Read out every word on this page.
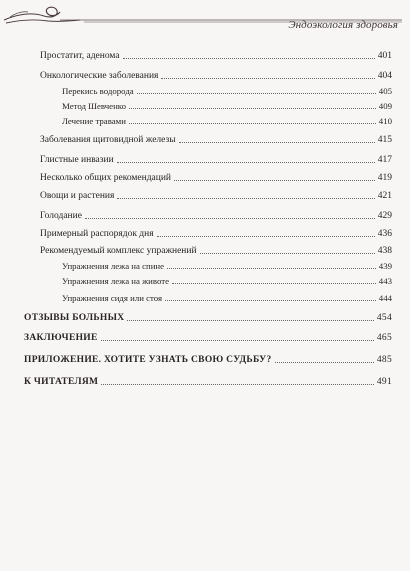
Эндоэкология здоровья
Простатит, аденома	401
Онкологические заболевания	404
Перекись водорода	405
Метод Шевченко	409
Лечение травами	410
Заболевания щитовидной железы	415
Глистные инвазии	417
Несколько общих рекомендаций	419
Овощи и растения	421
Голодание	429
Примерный распорядок дня	436
Рекомендуемый комплекс упражнений	438
Упражнения лежа на спине	439
Упражнения лежа на животе	443
Упражнения сидя или стоя	444
ОТЗЫВЫ БОЛЬНЫХ	454
ЗАКЛЮЧЕНИЕ	465
ПРИЛОЖЕНИЕ. ХОТИТЕ УЗНАТЬ СВОЮ СУДЬБУ?	485
К ЧИТАТЕЛЯМ	491
